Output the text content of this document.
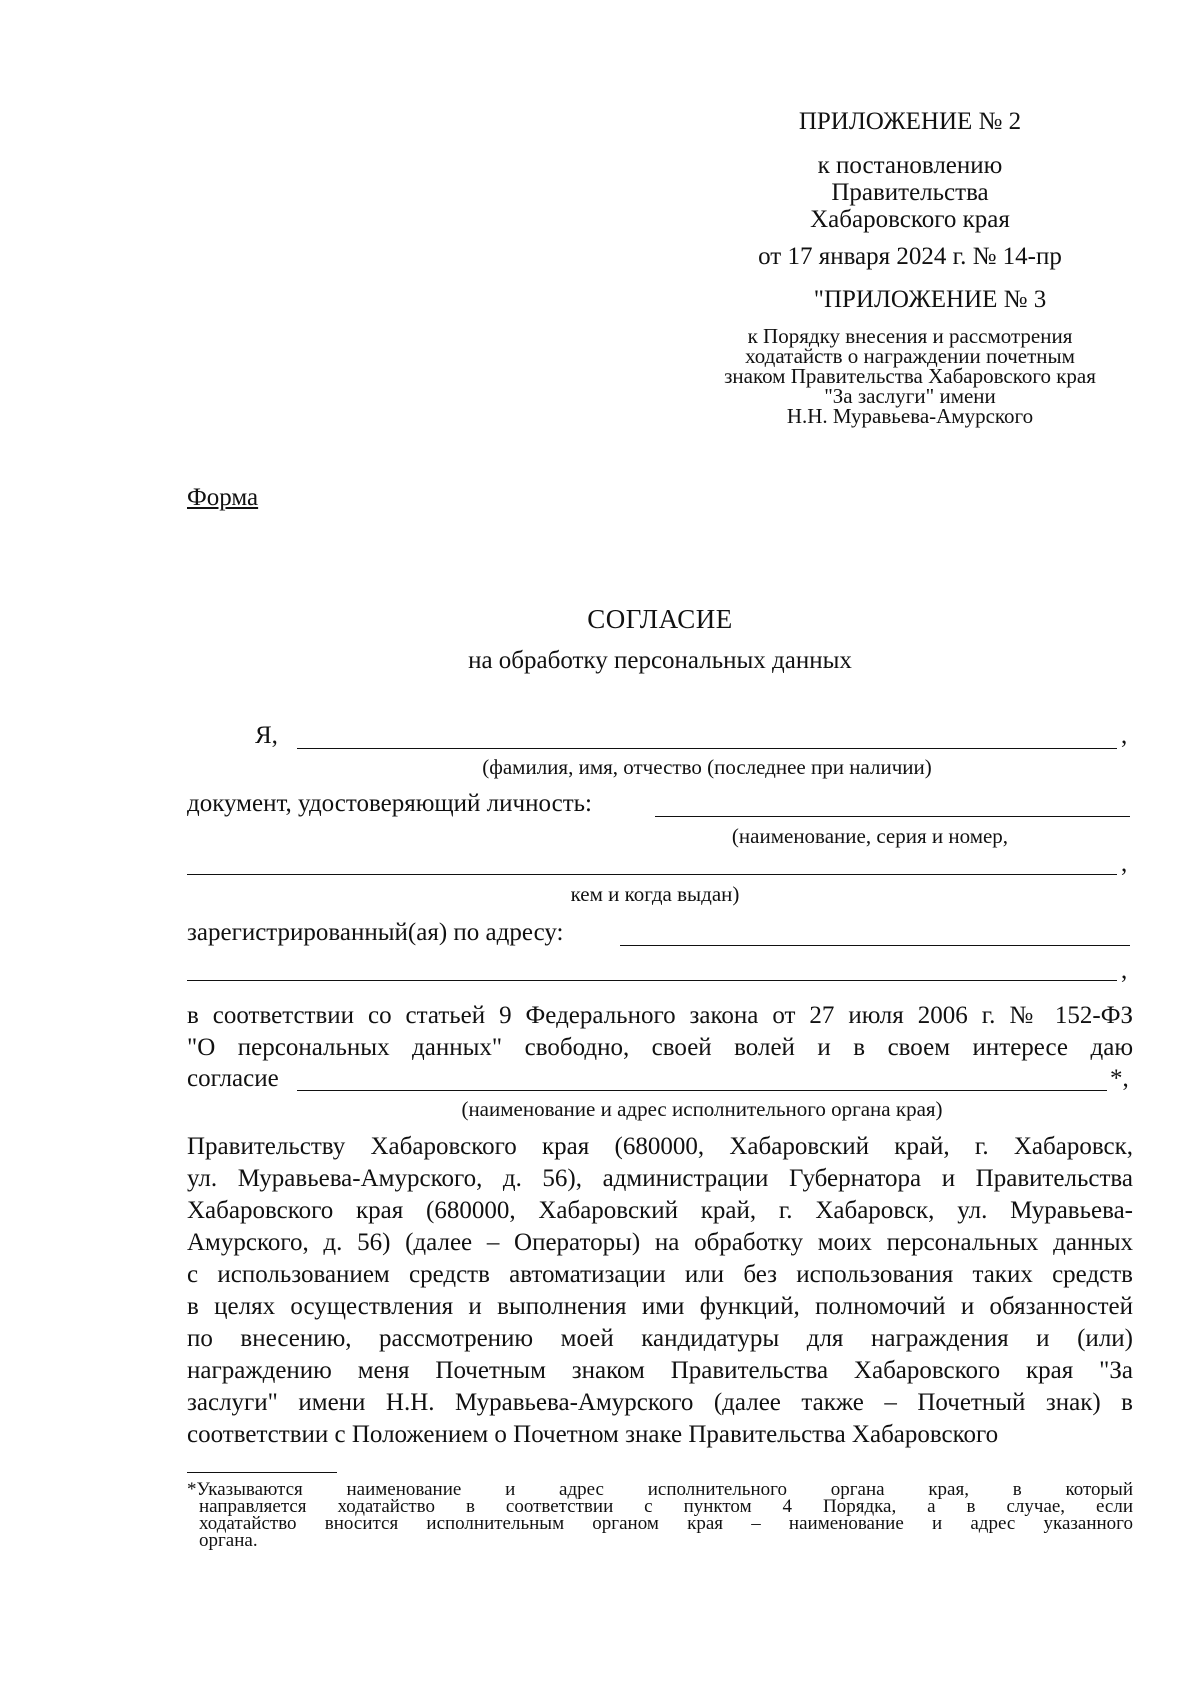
ПРИЛОЖЕНИЕ № 2
к постановлению
Правительства
Хабаровского края
от 17 января 2024 г. № 14-пр
"ПРИЛОЖЕНИЕ № 3
к Порядку внесения и рассмотрения
ходатайств о награждении почетным
знаком Правительства Хабаровского края
"За заслуги" имени
Н.Н. Муравьева-Амурского
Форма
СОГЛАСИЕ
на обработку персональных данных
Я,	,
(фамилия, имя, отчество (последнее при наличии)
документ, удостоверяющий личность:
(наименование, серия и номер,
,
кем и когда выдан)
зарегистрированный(ая) по адресу:
,
в соответствии со статьей 9 Федерального закона от 27 июля 2006 г. № 152-ФЗ
"О персональных данных" свободно, своей волей и в своем интересе даю
согласие	*,
(наименование и адрес исполнительного органа края)
Правительству Хабаровского края (680000, Хабаровский край, г. Хабаровск,
ул. Муравьева-Амурского, д. 56), администрации Губернатора и Правительства
Хабаровского края (680000, Хабаровский край, г. Хабаровск, ул. Муравьева-
Амурского, д. 56) (далее – Операторы) на обработку моих персональных данных
с использованием средств автоматизации или без использования таких средств
в целях осуществления и выполнения ими функций, полномочий и обязанностей
по внесению, рассмотрению моей кандидатуры для награждения и (или)
награждению меня Почетным знаком Правительства Хабаровского края "За
заслуги" имени Н.Н. Муравьева-Амурского (далее также – Почетный знак) в
соответствии с Положением о Почетном знаке Правительства Хабаровского
*Указываются наименование и адрес исполнительного органа края, в который
направляется ходатайство в соответствии с пунктом 4 Порядка, а в случае, если
ходатайство вносится исполнительным органом края – наименование и адрес указанного
органа.
